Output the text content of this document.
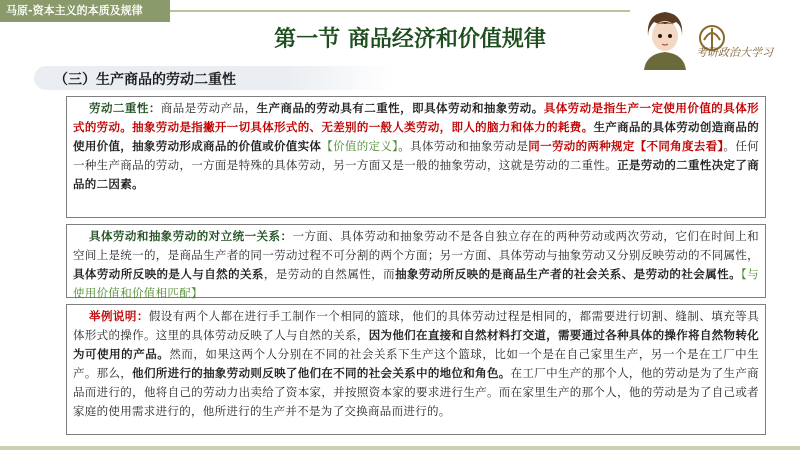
马原-资本主义的本质及规律
第一节 商品经济和价值规律
考研政治大学习
（三）生产商品的劳动二重性
劳动二重性：商品是劳动产品，生产商品的劳动具有二重性，即具体劳动和抽象劳动。具体劳动是指生产一定使用价值的具体形式的劳动。抽象劳动是指撇开一切具体形式的、无差别的一般人类劳动，即人的脑力和体力的耗费。生产商品的具体劳动创造商品的使用价值，抽象劳动形成商品的价值或价值实体【价值的定义】。具体劳动和抽象劳动是同一劳动的两种规定【不同角度去看】。任何一种生产商品的劳动，一方面是特殊的具体劳动，另一方面又是一般的抽象劳动，这就是劳动的二重性。正是劳动的二重性决定了商品的二因素。
具体劳动和抽象劳动的对立统一关系：一方面、具体劳动和抽象劳动不是各自独立存在的两种劳动或两次劳动，它们在时间上和空间上是统一的，是商品生产者的同一劳动过程不可分割的两个方面；另一方面、具体劳动与抽象劳动又分别反映劳动的不同属性，具体劳动所反映的是人与自然的关系，是劳动的自然属性，而抽象劳动所反映的是商品生产者的社会关系、是劳动的社会属性。【与使用价值和价值相匹配】
举例说明：假设有两个人都在进行手工制作一个相同的篮球，他们的具体劳动过程是相同的，都需要进行切割、缝制、填充等具体形式的操作。这里的具体劳动反映了人与自然的关系，因为他们在直接和自然材料打交道，需要通过各种具体的操作将自然物转化为可使用的产品。然而，如果这两个人分别在不同的社会关系下生产这个篮球，比如一个是在自己家里生产，另一个是在工厂中生产。那么，他们所进行的抽象劳动则反映了他们在不同的社会关系中的地位和角色。在工厂中生产的那个人，他的劳动是为了生产商品而进行的，他将自己的劳动力出卖给了资本家，并按照资本家的要求进行生产。而在家里生产的那个人，他的劳动是为了自己或者家庭的使用需求进行的，他所进行的生产并不是为了交换商品而进行的。
